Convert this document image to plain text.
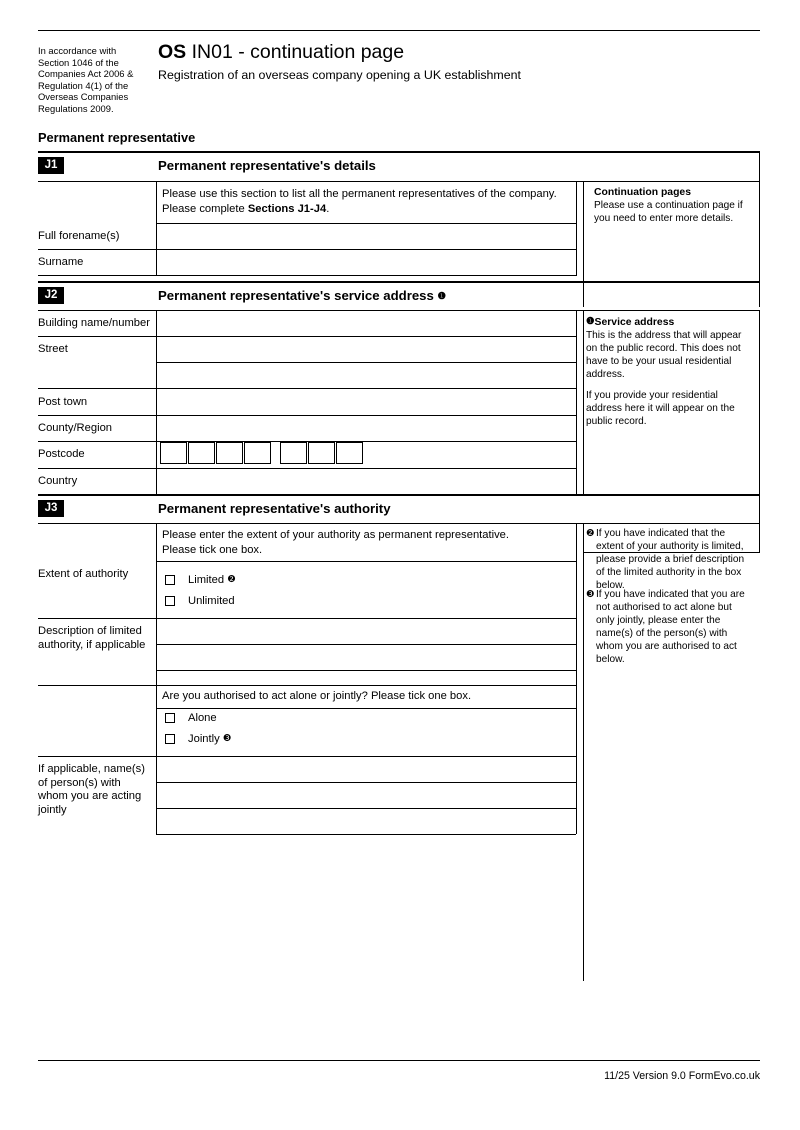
In accordance with Section 1046 of the Companies Act 2006 & Regulation 4(1) of the Overseas Companies Regulations 2009.
OS IN01 - continuation page
Registration of an overseas company opening a UK establishment
Permanent representative
J1	Permanent representative's details
Please use this section to list all the permanent representatives of the company.
Please complete Sections J1-J4.
Continuation pages
Please use a continuation page if you need to enter more details.
Full forename(s)
Surname
J2	Permanent representative's service address ❶
❶Service address
This is the address that will appear on the public record. This does not have to be your usual residential address.
If you provide your residential address here it will appear on the public record.
Building name/number
Street
Post town
County/Region
Postcode
Country
J3	Permanent representative's authority
Please enter the extent of your authority as permanent representative.
Please tick one box.
❷ If you have indicated that the extent of your authority is limited, please provide a brief description of the limited authority in the box below.
❸ If you have indicated that you are not authorised to act alone but only jointly, please enter the name(s) of the person(s) with whom you are authorised to act below.
Extent of authority	Limited ❷
Unlimited
Description of limited authority, if applicable
Are you authorised to act alone or jointly? Please tick one box.
Alone
Jointly ❸
If applicable, name(s) of person(s) with whom you are acting jointly
11/25 Version 9.0 FormEvo.co.uk
